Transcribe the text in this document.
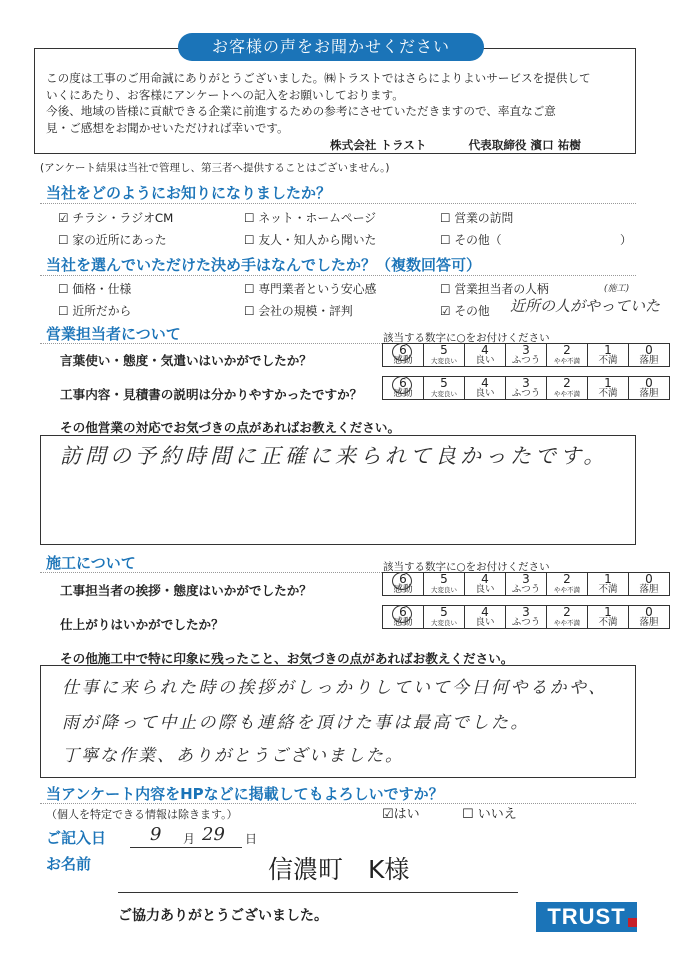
お客様の声をお聞かせください
この度は工事のご用命誠にありがとうございました。㈱トラストではさらによりよいサービスを提供して
いくにあたり、お客様にアンケートへの記入をお願いしております。
今後、地域の皆様に貢献できる企業に前進するための参考にさせていただきますので、率直なご意
見・ご感想をお聞かせいただければ幸いです。
株式会社 トラスト	代表取締役 濱口 祐樹
(アンケート結果は当社で管理し、第三者へ提供することはございません。)
当社をどのようにお知りになりましたか？
☑ チラシ・ラジオCM	☐ ネット・ホームページ	☐ 営業の訪問
☐ 家の近所にあった	☐ 友人・知人から聞いた	☐ その他（	）
当社を選んでいただけた決め手はなんでしたか？（複数回答可）
☐ 価格・仕様	☐ 専門業者という安心感	☐ 営業担当者の人柄
☐ 近所だから	☐ 会社の規模・評判	☑ その他 近所の人がやっていた
(施工)
営業担当者について	該当する数字に○をお付けください
言葉使い・態度・気遣いはいかがでしたか？
工事内容・見積書の説明は分かりやすかったですか？
6
感動

5
大変良い

4
良い

3
ふつう

2
やや不満

1
不満

0
落胆
6
感動

5
大変良い

4
良い

3
ふつう

2
やや不満

1
不満

0
落胆
その他営業の対応でお気づきの点があればお教えください。
訪問の予約時間に正確に来られて良かったです。
施工について	該当する数字に○をお付けください
工事担当者の挨拶・態度はいかがでしたか？
仕上がりはいかがでしたか？
6
感動

5
大変良い

4
良い

3
ふつう

2
やや不満

1
不満

0
落胆
6
感動

5
大変良い

4
良い

3
ふつう

2
やや不満

1
不満

0
落胆
その他施工中で特に印象に残ったこと、お気づきの点があればお教えください。
仕事に来られた時の挨拶がしっかりしていて今日何やるかや、
雨が降って中止の際も連絡を頂けた事は最高でした。
丁寧な作業、ありがとうございました。
当アンケート内容をHPなどに掲載してもよろしいですか？
（個人を特定できる情報は除きます。）	☑はい	☐ いいえ
ご記入日 9 月 29 日
お名前	信濃町　K様
ご協力ありがとうございました。	TRUST
